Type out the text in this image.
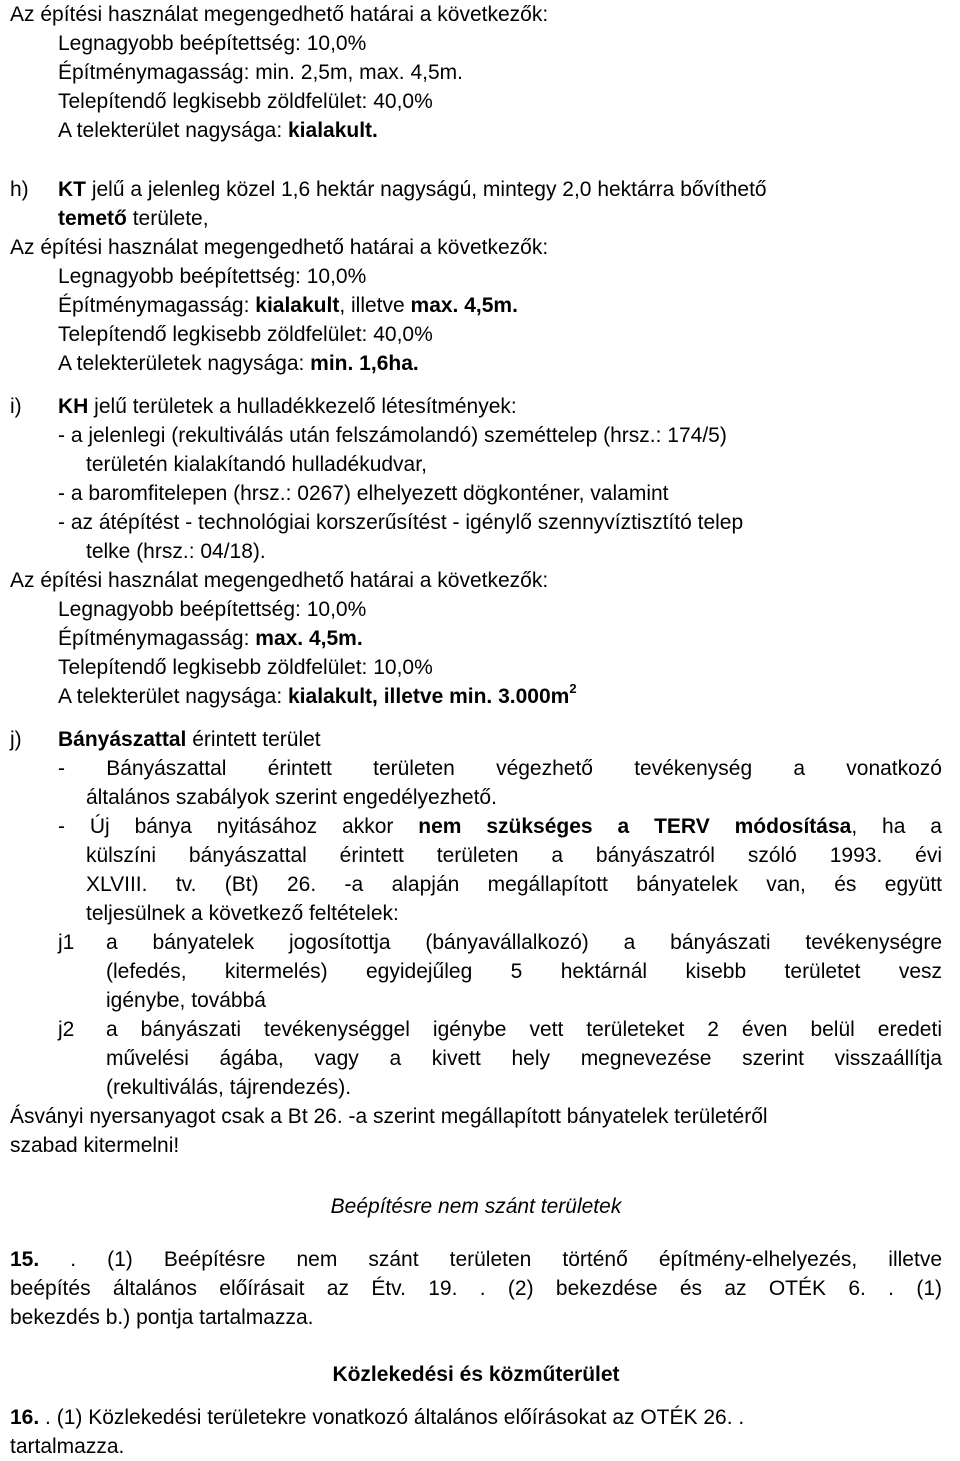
Az építési használat megengedhető határai a következők:
Legnagyobb beépítettség: 10,0%
Építménymagasság: min. 2,5m, max. 4,5m.
Telepítendő legkisebb zöldfelület: 40,0%
A telekterület nagysága: kialakult.
h) KT jelű a jelenleg közel 1,6 hektár nagyságú, mintegy 2,0 hektárra bővíthető
temető területe,
Az építési használat megengedhető határai a következők:
Legnagyobb beépítettség: 10,0%
Építménymagasság: kialakult, illetve max. 4,5m.
Telepítendő legkisebb zöldfelület: 40,0%
A telekterületek nagysága: min. 1,6ha.
i) KH jelű területek a hulladékkezelő létesítmények:
- a jelenlegi (rekultiválás után felszámolandó) szeméttelep (hrsz.: 174/5)
területén kialakítandó hulladékudvar,
- a baromfitelepen (hrsz.: 0267) elhelyezett dögkonténer, valamint
- az átépítést - technológiai korszerűsítést - igénylő szennyvíztisztító telep
telke (hrsz.: 04/18).
Az építési használat megengedhető határai a következők:
Legnagyobb beépítettség: 10,0%
Építménymagasság: max. 4,5m.
Telepítendő legkisebb zöldfelület: 10,0%
A telekterület nagysága: kialakult, illetve min. $3.000m^2$
j) Bányászattal érintett terület
- Bányászattal érintett területen végezhető tevékenység a vonatkozó
általános szabályok szerint engedélyezhető.
- Új bánya nyitásához akkor nem szükséges a TERV módosítása, ha a
külszíni bányászattal érintett területen a bányászatról szóló 1993. évi
XLVIII. tv. (Bt) 26. -a alapján megállapított bányatelek van, és együtt
teljesülnek a következő feltételek:
j1 a bányatelek jogosítottja (bányavállalkozó) a bányászati tevékenységre
(lefedés, kitermelés) egyidejűleg 5 hektárnál kisebb területet vesz
igénybe, továbbá
j2 a bányászati tevékenységgel igénybe vett területeket 2 éven belül eredeti
művelési ágába, vagy a kivett hely megnevezése szerint visszaállítja
(rekultiválás, tájrendezés).
Ásványi nyersanyagot csak a Bt 26. -a szerint megállapított bányatelek területéről
szabad kitermelni!
Beépítésre nem szánt területek
15. . (1) Beépítésre nem szánt területen történő építmény-elhelyezés, illetve
beépítés általános előírásait az Étv. 19. . (2) bekezdése és az OTÉK 6. . (1)
bekezdés b.) pontja tartalmazza.
Közlekedési és közműterület
16. . (1) Közlekedési területekre vonatkozó általános előírásokat az OTÉK 26. .
tartalmazza.
